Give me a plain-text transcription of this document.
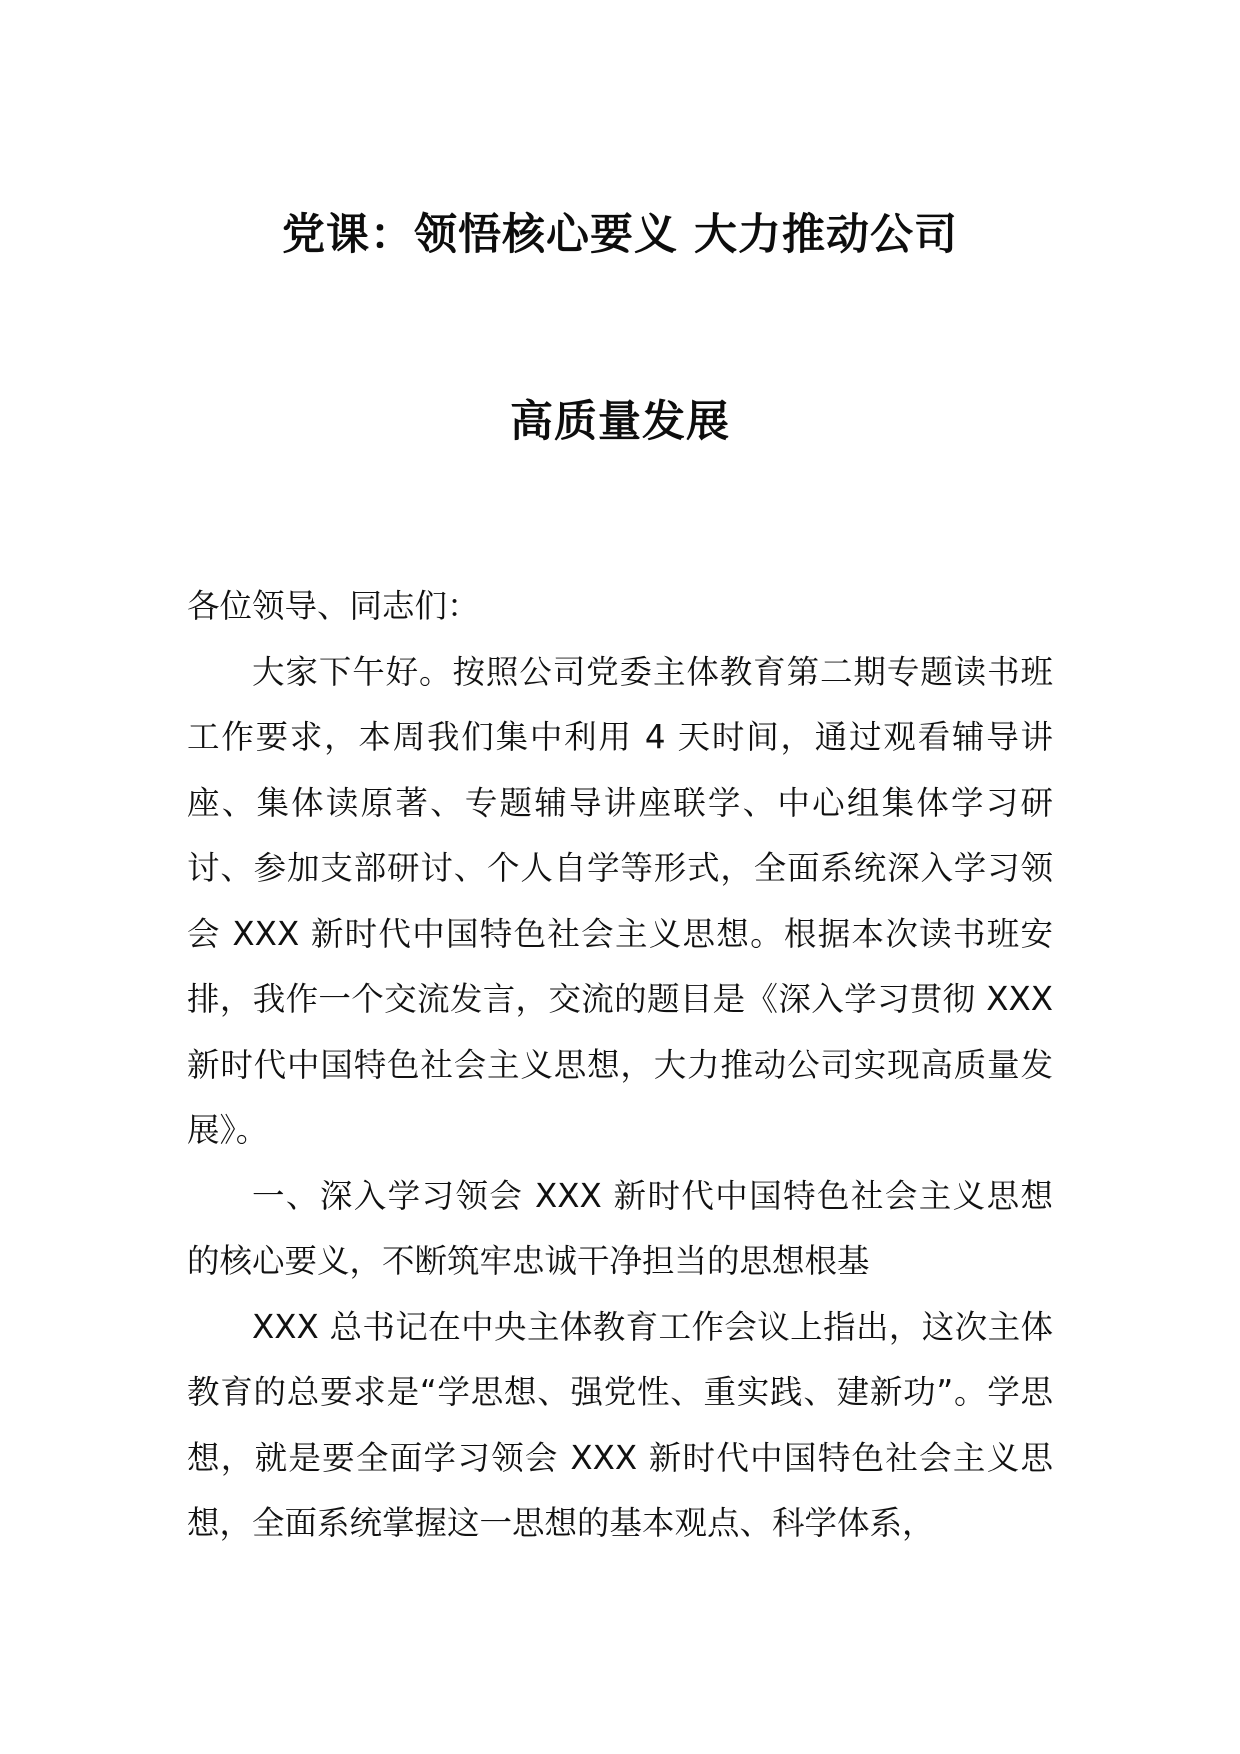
党课：领悟核心要义 大力推动公司
高质量发展

各位领导、同志们：

大家下午好。按照公司党委主体教育第二期专题读书班工作要求，本周我们集中利用 4 天时间，通过观看辅导讲座、集体读原著、专题辅导讲座联学、中心组集体学习研讨、参加支部研讨、个人自学等形式，全面系统深入学习领会 XXX 新时代中国特色社会主义思想。根据本次读书班安排，我作一个交流发言，交流的题目是《深入学习贯彻 XXX 新时代中国特色社会主义思想，大力推动公司实现高质量发展》。

一、深入学习领会 XXX 新时代中国特色社会主义思想的核心要义，不断筑牢忠诚干净担当的思想根基

XXX 总书记在中央主体教育工作会议上指出，这次主体教育的总要求是“学思想、强党性、重实践、建新功”。学思想，就是要全面学习领会 XXX 新时代中国特色社会主义思想，全面系统掌握这一思想的基本观点、科学体系，
